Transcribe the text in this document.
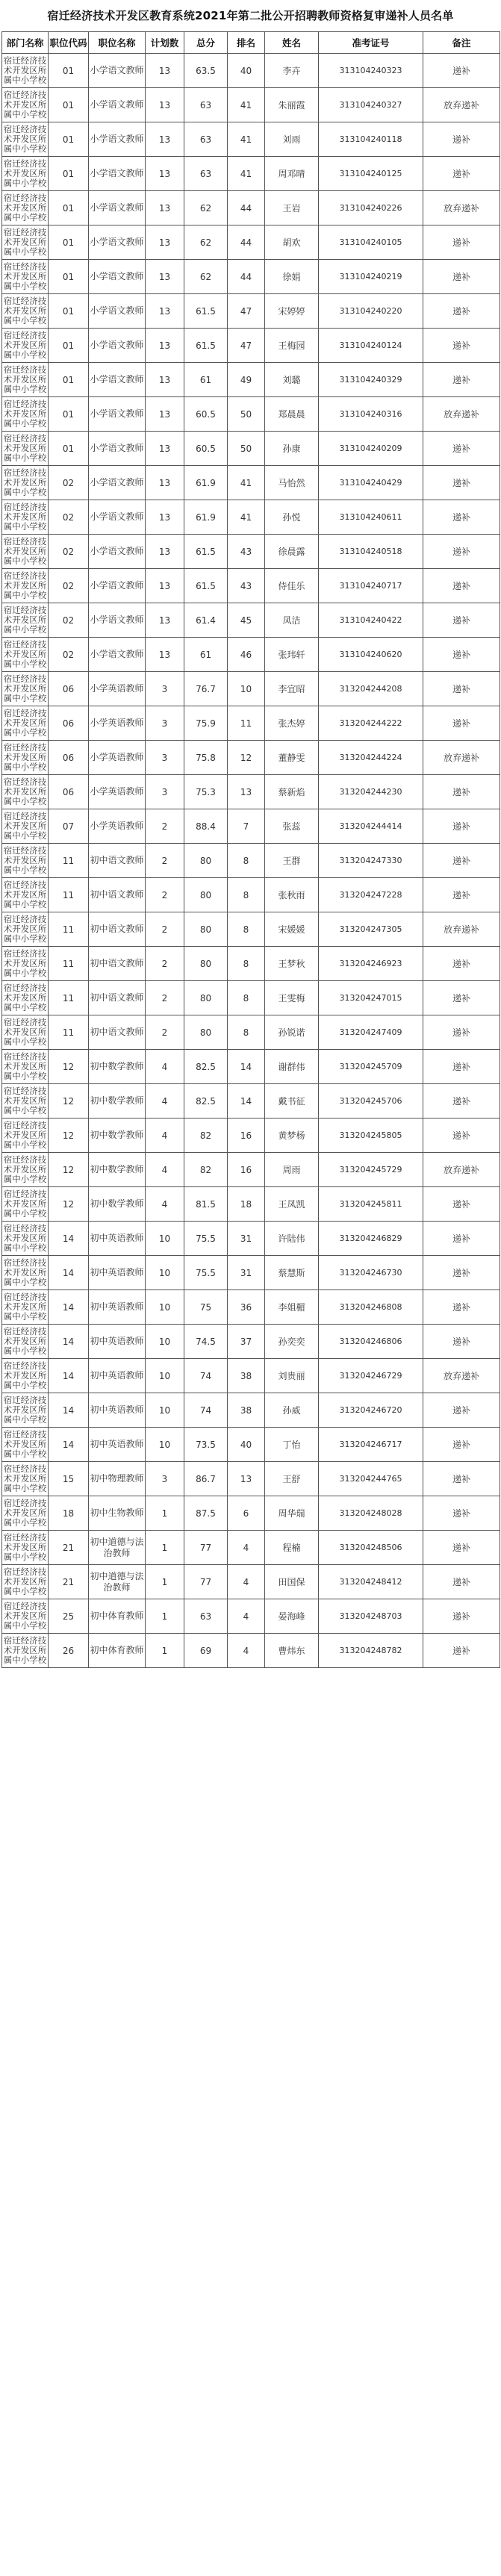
宿迁经济技术开发区教育系统2021年第二批公开招聘教师资格复审递补人员名单
部门名称	职位代码	职位名称	计划数	总分	排名	姓名	准考证号	备注
宿迁经济技术开发区所属中小学校	01	小学语文教师	13	63.5	40	李卉	313104240323	递补
宿迁经济技术开发区所属中小学校	01	小学语文教师	13	63	41	朱丽霞	313104240327	放弃递补
宿迁经济技术开发区所属中小学校	01	小学语文教师	13	63	41	刘雨	313104240118	递补
宿迁经济技术开发区所属中小学校	01	小学语文教师	13	63	41	周邓晴	313104240125	递补
宿迁经济技术开发区所属中小学校	01	小学语文教师	13	62	44	王岩	313104240226	放弃递补
宿迁经济技术开发区所属中小学校	01	小学语文教师	13	62	44	胡欢	313104240105	递补
宿迁经济技术开发区所属中小学校	01	小学语文教师	13	62	44	徐娟	313104240219	递补
宿迁经济技术开发区所属中小学校	01	小学语文教师	13	61.5	47	宋婷婷	313104240220	递补
宿迁经济技术开发区所属中小学校	01	小学语文教师	13	61.5	47	王梅园	313104240124	递补
宿迁经济技术开发区所属中小学校	01	小学语文教师	13	61	49	刘璐	313104240329	递补
宿迁经济技术开发区所属中小学校	01	小学语文教师	13	60.5	50	郑晨晨	313104240316	放弃递补
宿迁经济技术开发区所属中小学校	01	小学语文教师	13	60.5	50	孙康	313104240209	递补
宿迁经济技术开发区所属中小学校	02	小学语文教师	13	61.9	41	马怡然	313104240429	递补
宿迁经济技术开发区所属中小学校	02	小学语文教师	13	61.9	41	孙悦	313104240611	递补
宿迁经济技术开发区所属中小学校	02	小学语文教师	13	61.5	43	徐晨露	313104240518	递补
宿迁经济技术开发区所属中小学校	02	小学语文教师	13	61.5	43	侍佳乐	313104240717	递补
宿迁经济技术开发区所属中小学校	02	小学语文教师	13	61.4	45	凤洁	313104240422	递补
宿迁经济技术开发区所属中小学校	02	小学语文教师	13	61	46	张玮轩	313104240620	递补
宿迁经济技术开发区所属中小学校	06	小学英语教师	3	76.7	10	李宜昭	313204244208	递补
宿迁经济技术开发区所属中小学校	06	小学英语教师	3	75.9	11	张杰婷	313204244222	递补
宿迁经济技术开发区所属中小学校	06	小学英语教师	3	75.8	12	董静雯	313204244224	放弃递补
宿迁经济技术开发区所属中小学校	06	小学英语教师	3	75.3	13	蔡新焰	313204244230	递补
宿迁经济技术开发区所属中小学校	07	小学英语教师	2	88.4	7	张蕊	313204244414	递补
宿迁经济技术开发区所属中小学校	11	初中语文教师	2	80	8	王群	313204247330	递补
宿迁经济技术开发区所属中小学校	11	初中语文教师	2	80	8	张秋雨	313204247228	递补
宿迁经济技术开发区所属中小学校	11	初中语文教师	2	80	8	宋媛媛	313204247305	放弃递补
宿迁经济技术开发区所属中小学校	11	初中语文教师	2	80	8	王梦秋	313204246923	递补
宿迁经济技术开发区所属中小学校	11	初中语文教师	2	80	8	王雯梅	313204247015	递补
宿迁经济技术开发区所属中小学校	11	初中语文教师	2	80	8	孙锐诺	313204247409	递补
宿迁经济技术开发区所属中小学校	12	初中数学教师	4	82.5	14	谢群伟	313204245709	递补
宿迁经济技术开发区所属中小学校	12	初中数学教师	4	82.5	14	戴书征	313204245706	递补
宿迁经济技术开发区所属中小学校	12	初中数学教师	4	82	16	黄梦杨	313204245805	递补
宿迁经济技术开发区所属中小学校	12	初中数学教师	4	82	16	周雨	313204245729	放弃递补
宿迁经济技术开发区所属中小学校	12	初中数学教师	4	81.5	18	王凤凯	313204245811	递补
宿迁经济技术开发区所属中小学校	14	初中英语教师	10	75.5	31	许陆伟	313204246829	递补
宿迁经济技术开发区所属中小学校	14	初中英语教师	10	75.5	31	蔡慧斯	313204246730	递补
宿迁经济技术开发区所属中小学校	14	初中英语教师	10	75	36	李姐楣	313204246808	递补
宿迁经济技术开发区所属中小学校	14	初中英语教师	10	74.5	37	孙奕奕	313204246806	递补
宿迁经济技术开发区所属中小学校	14	初中英语教师	10	74	38	刘贵丽	313204246729	放弃递补
宿迁经济技术开发区所属中小学校	14	初中英语教师	10	74	38	孙威	313204246720	递补
宿迁经济技术开发区所属中小学校	14	初中英语教师	10	73.5	40	丁怡	313204246717	递补
宿迁经济技术开发区所属中小学校	15	初中物理教师	3	86.7	13	王舒	313204244765	递补
宿迁经济技术开发区所属中小学校	18	初中生物教师	1	87.5	6	周华瑞	313204248028	递补
宿迁经济技术开发区所属中小学校	21	初中道德与法治教师	1	77	4	程楠	313204248506	递补
宿迁经济技术开发区所属中小学校	21	初中道德与法治教师	1	77	4	田国保	313204248412	递补
宿迁经济技术开发区所属中小学校	25	初中体育教师	1	63	4	晏海峰	313204248703	递补
宿迁经济技术开发区所属中小学校	26	初中体育教师	1	69	4	曹炜东	313204248782	递补
